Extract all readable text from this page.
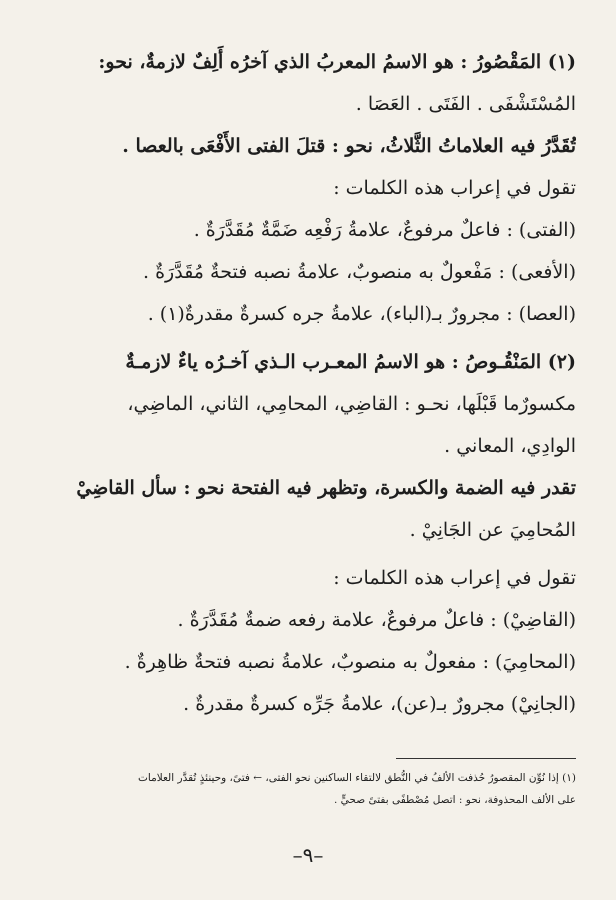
(١) المَقْصُورُ : هو الاسمُ المعربُ الذي آخرُه أَلِفٌ لازمةٌ، نحو:
المُسْتَشْفَى . الفَتَى . العَصَا .
تُقَدَّرُ فيه العلاماتُ الثَّلاثُ، نحو : قتلَ الفتى الأَفْعَى بالعصا .
تقول في إعراب هذه الكلمات :
(الفتى) : فاعلٌ مرفوعٌ، علامةُ رَفْعِه ضَمَّةٌ مُقَدَّرَةٌ .
(الأفعى) : مَفْعولٌ به منصوبٌ، علامةُ نصبه فتحةٌ مُقَدَّرَةٌ .
(العصا) : مجرورٌ بـ(الباء)، علامةُ جره كسرةٌ مقدرةٌ(١) .
(٢) المَنْقُـوصُ : هو الاسمُ المعـرب الـذي آخـرُه ياءٌ لازمـةٌ
مكسورٌما قَبْلَها، نحـو : القاضِي، المحامِي، الثاني، الماضِي،
الوادِي، المعاني .
تقدر فيه الضمة والكسرة، وتظهر فيه الفتحة نحو : سأل القاضِيْ
المُحامِيَ عن الجَانِيْ .
تقول في إعراب هذه الكلمات :
(القاضِيْ) : فاعلٌ مرفوعٌ، علامة رفعه ضمةٌ مُقَدَّرَةٌ .
(المحامِيَ) : مفعولٌ به منصوبٌ، علامةُ نصبه فتحةٌ ظاهِرةٌ .
(الجانِيْ) مجرورٌ بـ(عن)، علامةُ جَرِّه كسرةٌ مقدرةٌ .
(١) إذا نُوِّن المقصورُ حُذفت الألفُ في النُّطق لالتقاء الساكنين نحو الفتى، ← فتىً، وحينئذٍ تُقدَّر العلامات
على الألف المحذوفة، نحو : اتصل مُصْطفًى بفتىً صحيٍّ .
–٩–
